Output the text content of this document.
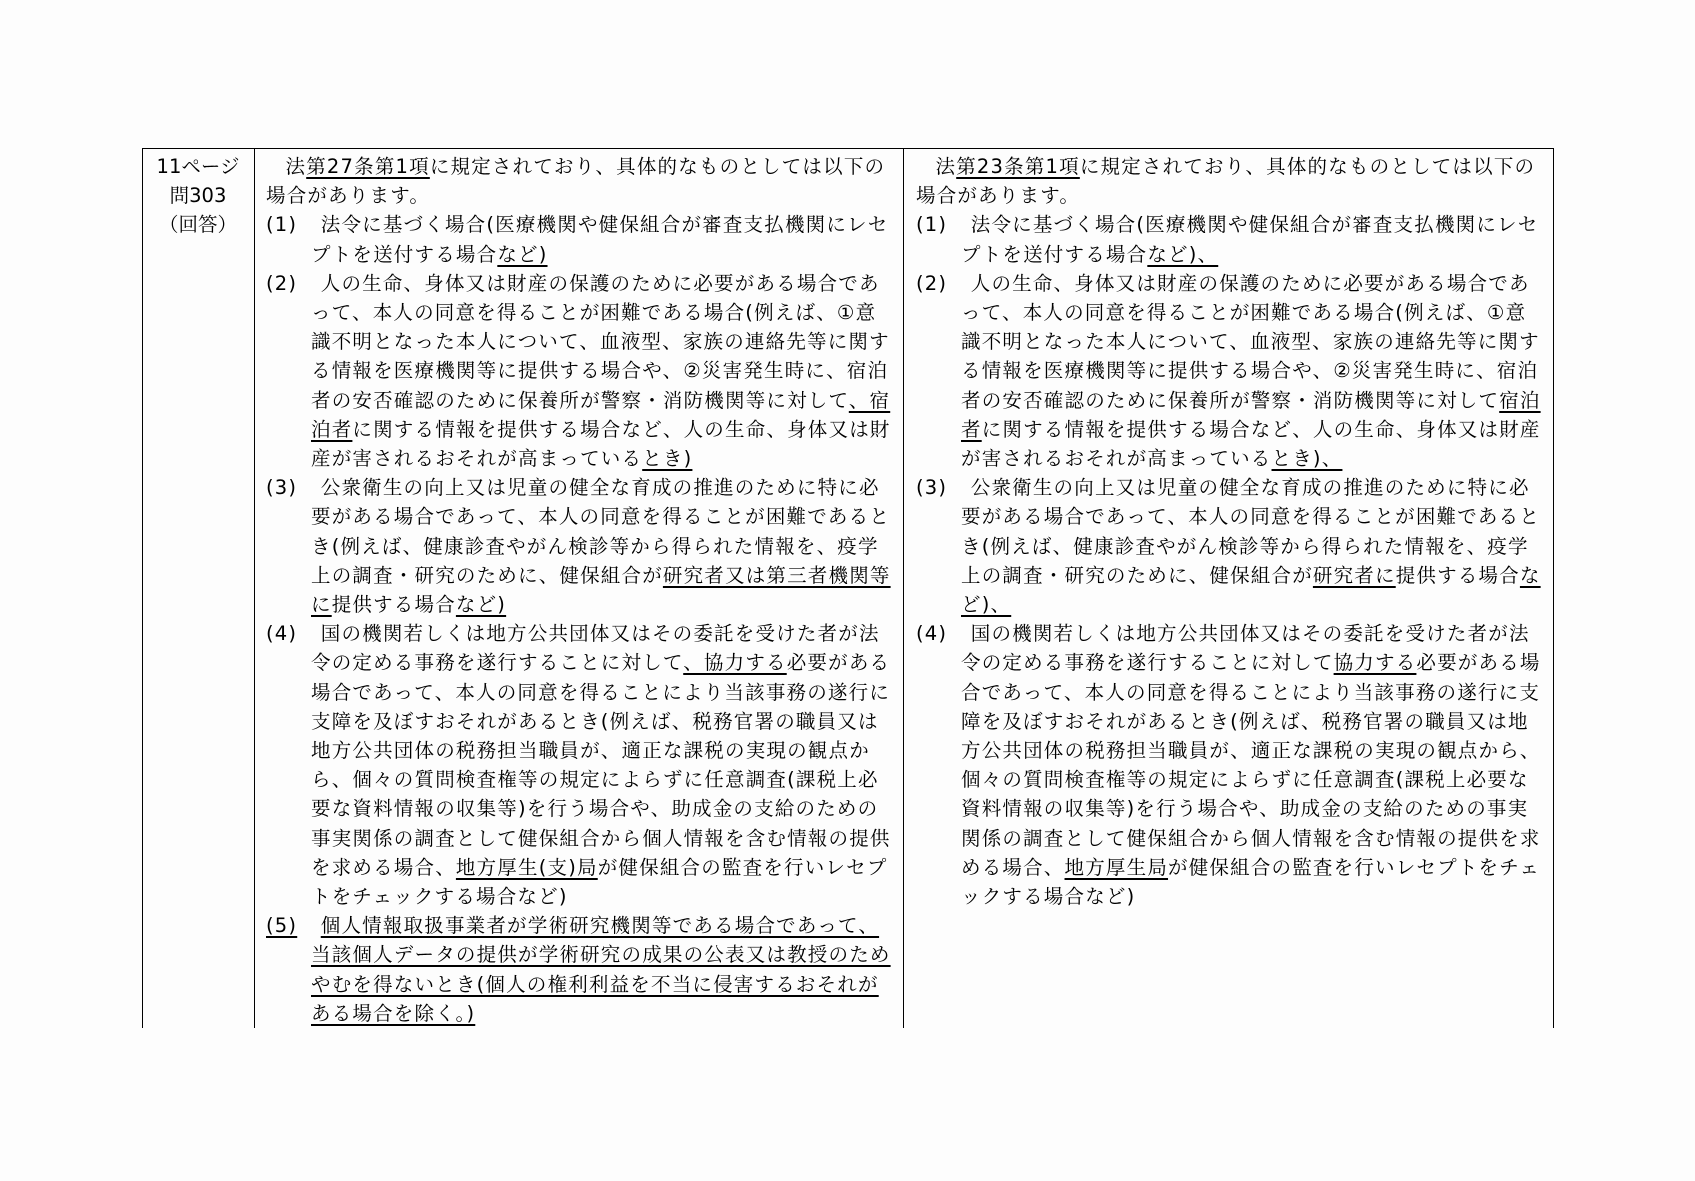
11ページ
問303
（回答）

法第27条第1項に規定されており、具体的なものとしては以下の場合があります。

(1) 法令に基づく場合(医療機関や健保組合が審査支払機関にレセプトを送付する場合など)
(2) 人の生命、身体又は財産の保護のために必要がある場合であって、本人の同意を得ることが困難である場合(例えば、①意識不明となった本人について、血液型、家族の連絡先等に関する情報を医療機関等に提供する場合や、②災害発生時に、宿泊者の安否確認のために保養所が警察・消防機関等に対して、宿泊者に関する情報を提供する場合など、人の生命、身体又は財産が害されるおそれが高まっているとき)
(3) 公衆衛生の向上又は児童の健全な育成の推進のために特に必要がある場合であって、本人の同意を得ることが困難であるとき(例えば、健康診査やがん検診等から得られた情報を、疫学上の調査・研究のために、健保組合が研究者又は第三者機関等に提供する場合など)
(4) 国の機関若しくは地方公共団体又はその委託を受けた者が法令の定める事務を遂行することに対して、協力する必要がある場合であって、本人の同意を得ることにより当該事務の遂行に支障を及ぼすおそれがあるとき(例えば、税務官署の職員又は地方公共団体の税務担当職員が、適正な課税の実現の観点から、個々の質問検査権等の規定によらずに任意調査(課税上必要な資料情報の収集等)を行う場合や、助成金の支給のための事実関係の調査として健保組合から個人情報を含む情報の提供を求める場合、地方厚生(支)局が健保組合の監査を行いレセプトをチェックする場合など)
(5) 個人情報取扱事業者が学術研究機関等である場合であって、当該個人データの提供が学術研究の成果の公表又は教授のためやむを得ないとき(個人の権利利益を不当に侵害するおそれがある場合を除く。)

法第23条第1項に規定されており、具体的なものとしては以下の場合があります。

(1) 法令に基づく場合(医療機関や健保組合が審査支払機関にレセプトを送付する場合など)、
(2) 人の生命、身体又は財産の保護のために必要がある場合であって、本人の同意を得ることが困難である場合(例えば、①意識不明となった本人について、血液型、家族の連絡先等に関する情報を医療機関等に提供する場合や、②災害発生時に、宿泊者の安否確認のために保養所が警察・消防機関等に対して宿泊者に関する情報を提供する場合など、人の生命、身体又は財産が害されるおそれが高まっているとき)、
(3) 公衆衛生の向上又は児童の健全な育成の推進のために特に必要がある場合であって、本人の同意を得ることが困難であるとき(例えば、健康診査やがん検診等から得られた情報を、疫学上の調査・研究のために、健保組合が研究者に提供する場合など)、
(4) 国の機関若しくは地方公共団体又はその委託を受けた者が法令の定める事務を遂行することに対して協力する必要がある場合であって、本人の同意を得ることにより当該事務の遂行に支障を及ぼすおそれがあるとき(例えば、税務官署の職員又は地方公共団体の税務担当職員が、適正な課税の実現の観点から、個々の質問検査権等の規定によらずに任意調査(課税上必要な資料情報の収集等)を行う場合や、助成金の支給のための事実関係の調査として健保組合から個人情報を含む情報の提供を求める場合、地方厚生局が健保組合の監査を行いレセプトをチェックする場合など)
